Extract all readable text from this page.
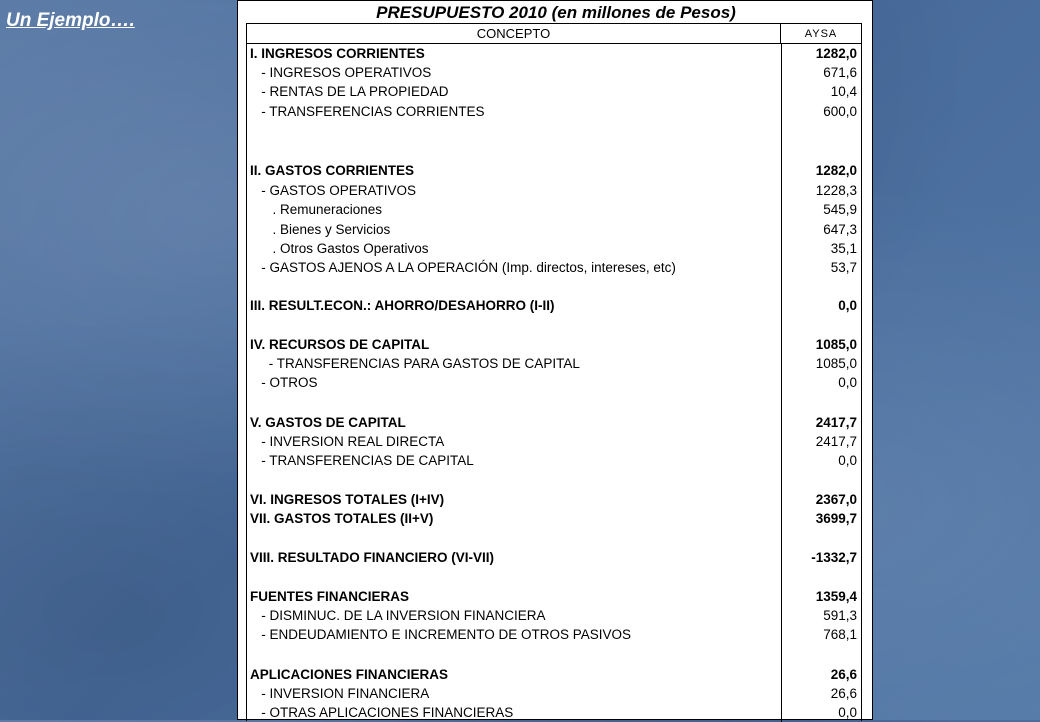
Un Ejemplo….	PRESUPUESTO 2010 (en millones de Pesos)
CONCEPTO	AYSA
I. INGRESOS CORRIENTES	1282,0
- INGRESOS OPERATIVOS	671,6
- RENTAS DE LA PROPIEDAD	10,4
- TRANSFERENCIAS CORRIENTES	600,0
II. GASTOS CORRIENTES	1282,0
- GASTOS OPERATIVOS	1228,3
. Remuneraciones	545,9
. Bienes y Servicios	647,3
. Otros Gastos Operativos	35,1
- GASTOS AJENOS A LA OPERACIÓN (Imp. directos, intereses, etc)	53,7
III. RESULT.ECON.: AHORRO/DESAHORRO (I-II)	0,0
IV. RECURSOS DE CAPITAL	1085,0
- TRANSFERENCIAS PARA GASTOS DE CAPITAL	1085,0
- OTROS	0,0
V. GASTOS DE CAPITAL	2417,7
- INVERSION REAL DIRECTA	2417,7
- TRANSFERENCIAS DE CAPITAL	0,0
VI. INGRESOS TOTALES (I+IV)	2367,0
VII. GASTOS TOTALES (II+V)	3699,7
VIII. RESULTADO FINANCIERO (VI-VII)	-1332,7
FUENTES FINANCIERAS	1359,4
- DISMINUC. DE LA INVERSION FINANCIERA	591,3
- ENDEUDAMIENTO E INCREMENTO DE OTROS PASIVOS	768,1
APLICACIONES FINANCIERAS	26,6
- INVERSION FINANCIERA	26,6
- OTRAS APLICACIONES FINANCIERAS	0,0
